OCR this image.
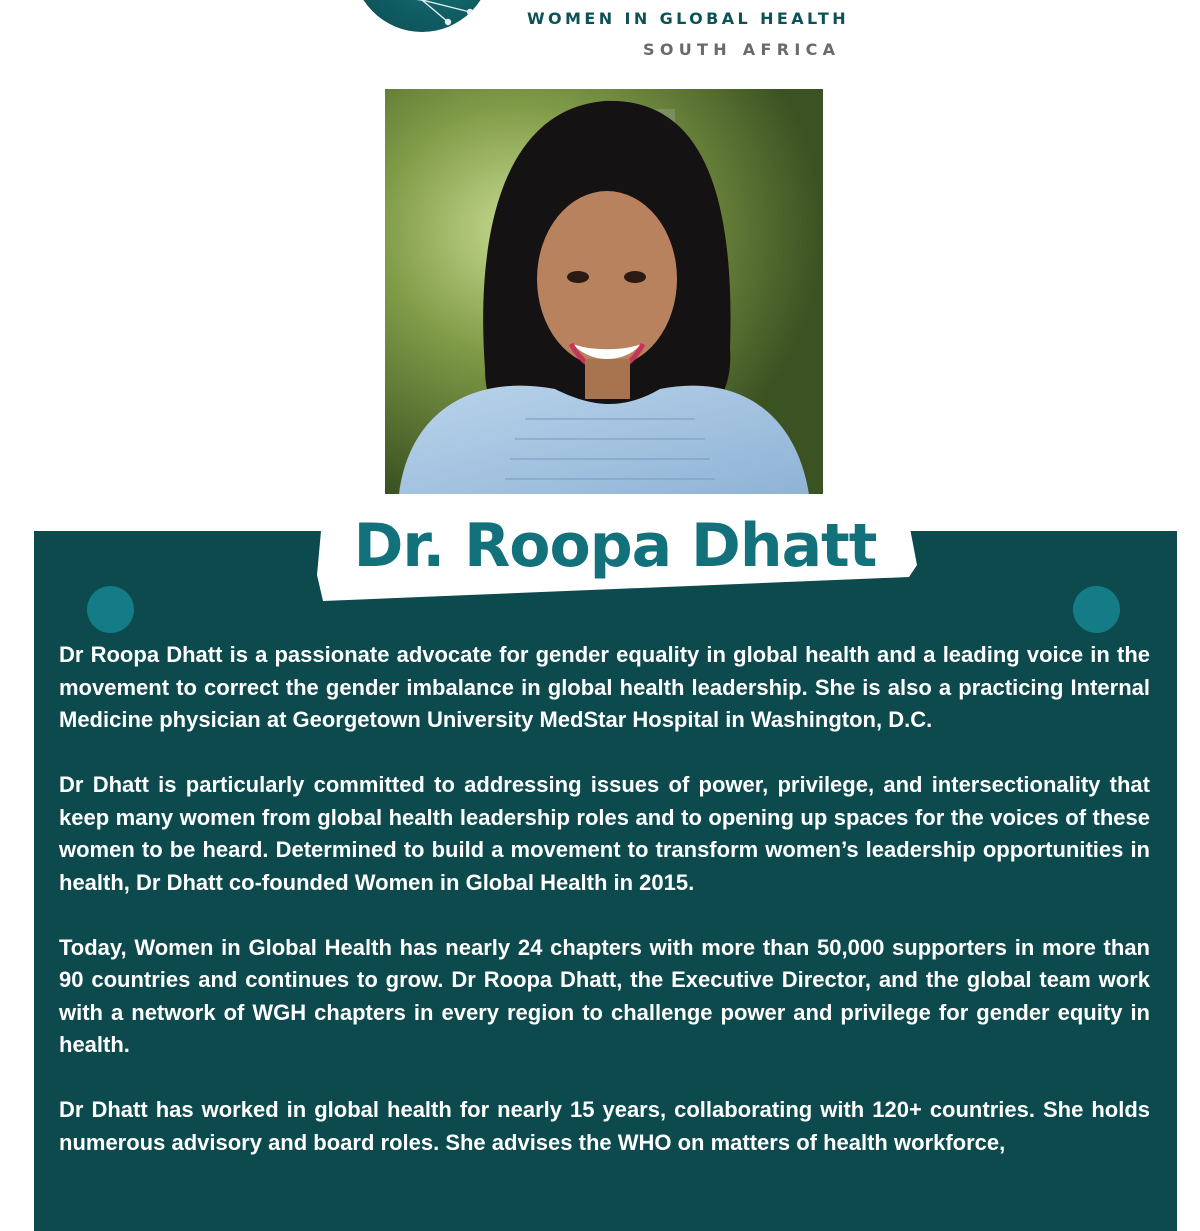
WOMEN IN GLOBAL HEALTH
SOUTH AFRICA
Dr. Roopa Dhatt

Dr Roopa Dhatt is a passionate advocate for gender equality in global health and a leading voice in the movement to correct the gender imbalance in global health leadership. She is also a practicing Internal Medicine physician at Georgetown University MedStar Hospital in Washington, D.C.

Dr Dhatt is particularly committed to addressing issues of power, privilege, and intersectionality that keep many women from global health leadership roles and to opening up spaces for the voices of these women to be heard. Determined to build a movement to transform women’s leadership opportunities in health, Dr Dhatt co-founded Women in Global Health in 2015.

Today, Women in Global Health has nearly 24 chapters with more than 50,000 supporters in more than 90 countries and continues to grow. Dr Roopa Dhatt, the Executive Director, and the global team work with a network of WGH chapters in every region to challenge power and privilege for gender equity in health.

Dr Dhatt has worked in global health for nearly 15 years, collaborating with 120+ countries. She holds numerous advisory and board roles. She advises the WHO on matters of health workforce,
